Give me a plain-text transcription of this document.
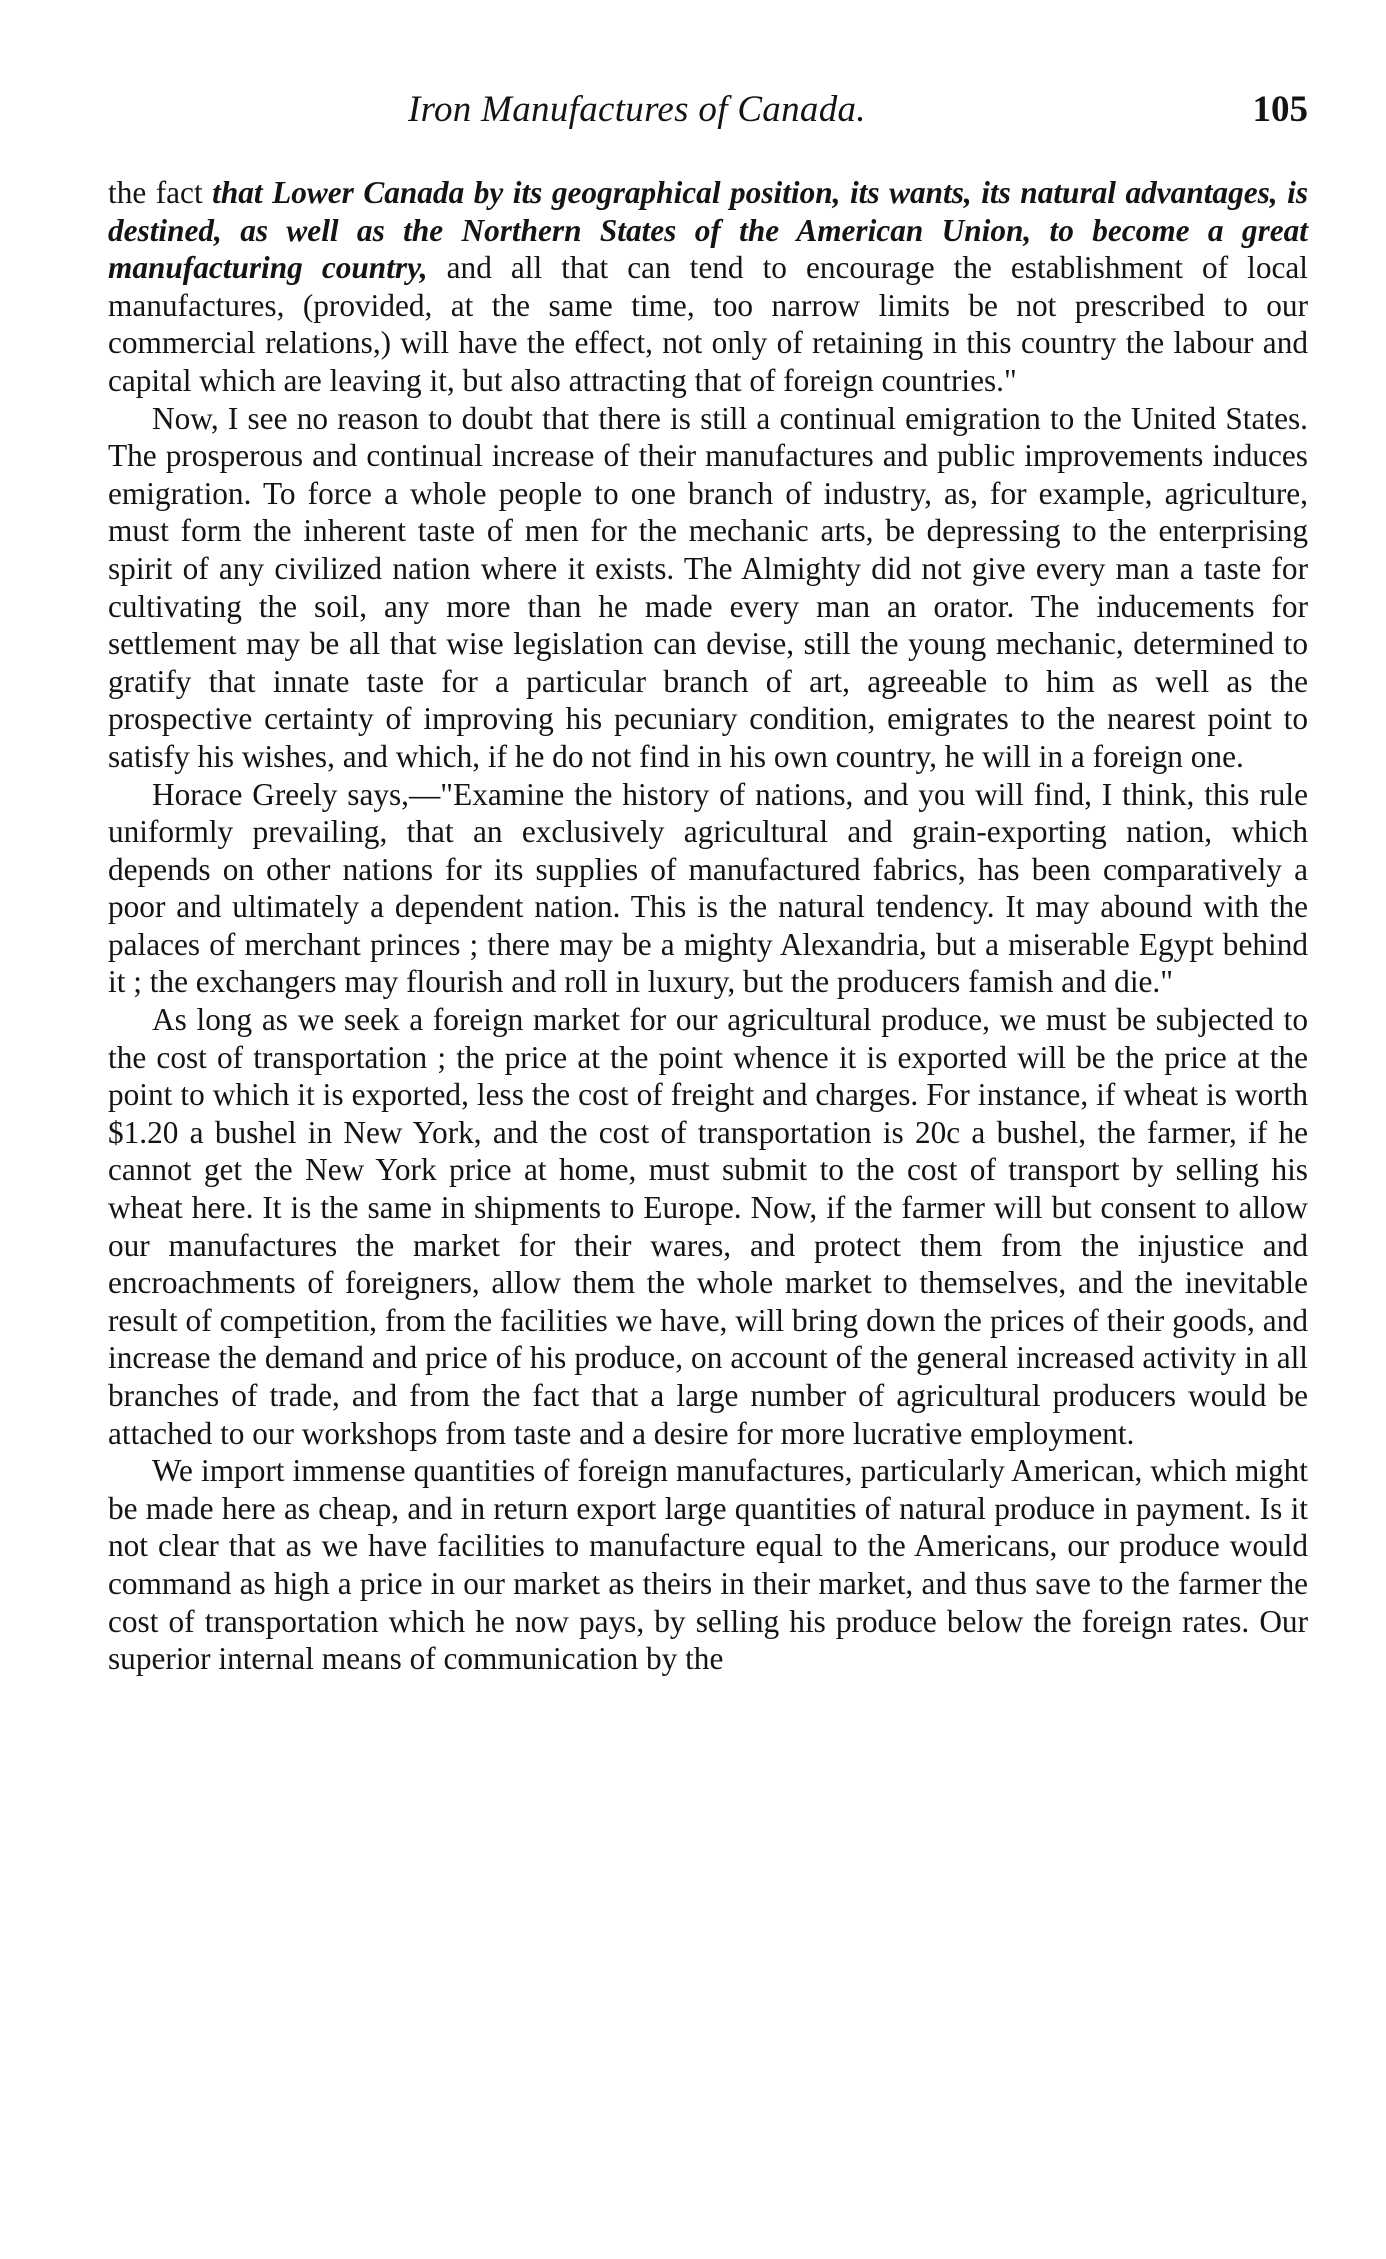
Iron Manufactures of Canada.	105

the fact that Lower Canada by its geographical position, its wants, its natural advantages, is destined, as well as the Northern States of the American Union, to become a great manufacturing country, and all that can tend to encourage the establishment of local manufactures, (provided, at the same time, too narrow limits be not prescribed to our commercial relations,) will have the effect, not only of retaining in this country the labour and capital which are leaving it, but also attracting that of foreign countries."

Now, I see no reason to doubt that there is still a continual emigration to the United States. The prosperous and continual increase of their manufactures and public improvements induces emigration. To force a whole people to one branch of industry, as, for example, agriculture, must form the inherent taste of men for the mechanic arts, be depressing to the enterprising spirit of any civilized nation where it exists. The Almighty did not give every man a taste for cultivating the soil, any more than he made every man an orator. The inducements for settlement may be all that wise legislation can devise, still the young mechanic, determined to gratify that innate taste for a particular branch of art, agreeable to him as well as the prospective certainty of improving his pecuniary condition, emigrates to the nearest point to satisfy his wishes, and which, if he do not find in his own country, he will in a foreign one.

Horace Greely says,—"Examine the history of nations, and you will find, I think, this rule uniformly prevailing, that an exclusively agricultural and grain-exporting nation, which depends on other nations for its supplies of manufactured fabrics, has been comparatively a poor and ultimately a dependent nation. This is the natural tendency. It may abound with the palaces of merchant princes ; there may be a mighty Alexandria, but a miserable Egypt behind it ; the exchangers may flourish and roll in luxury, but the producers famish and die."

As long as we seek a foreign market for our agricultural produce, we must be subjected to the cost of transportation ; the price at the point whence it is exported will be the price at the point to which it is exported, less the cost of freight and charges. For instance, if wheat is worth $1.20 a bushel in New York, and the cost of transportation is 20c a bushel, the farmer, if he cannot get the New York price at home, must submit to the cost of transport by selling his wheat here. It is the same in shipments to Europe. Now, if the farmer will but consent to allow our manufactures the market for their wares, and protect them from the injustice and encroachments of foreigners, allow them the whole market to themselves, and the inevitable result of competition, from the facilities we have, will bring down the prices of their goods, and increase the demand and price of his produce, on account of the general increased activity in all branches of trade, and from the fact that a large number of agricultural producers would be attached to our workshops from taste and a desire for more lucrative employment.

We import immense quantities of foreign manufactures, particularly American, which might be made here as cheap, and in return export large quantities of natural produce in payment. Is it not clear that as we have facilities to manufacture equal to the Americans, our produce would command as high a price in our market as theirs in their market, and thus save to the farmer the cost of transportation which he now pays, by selling his produce below the foreign rates. Our superior internal means of communication by the
